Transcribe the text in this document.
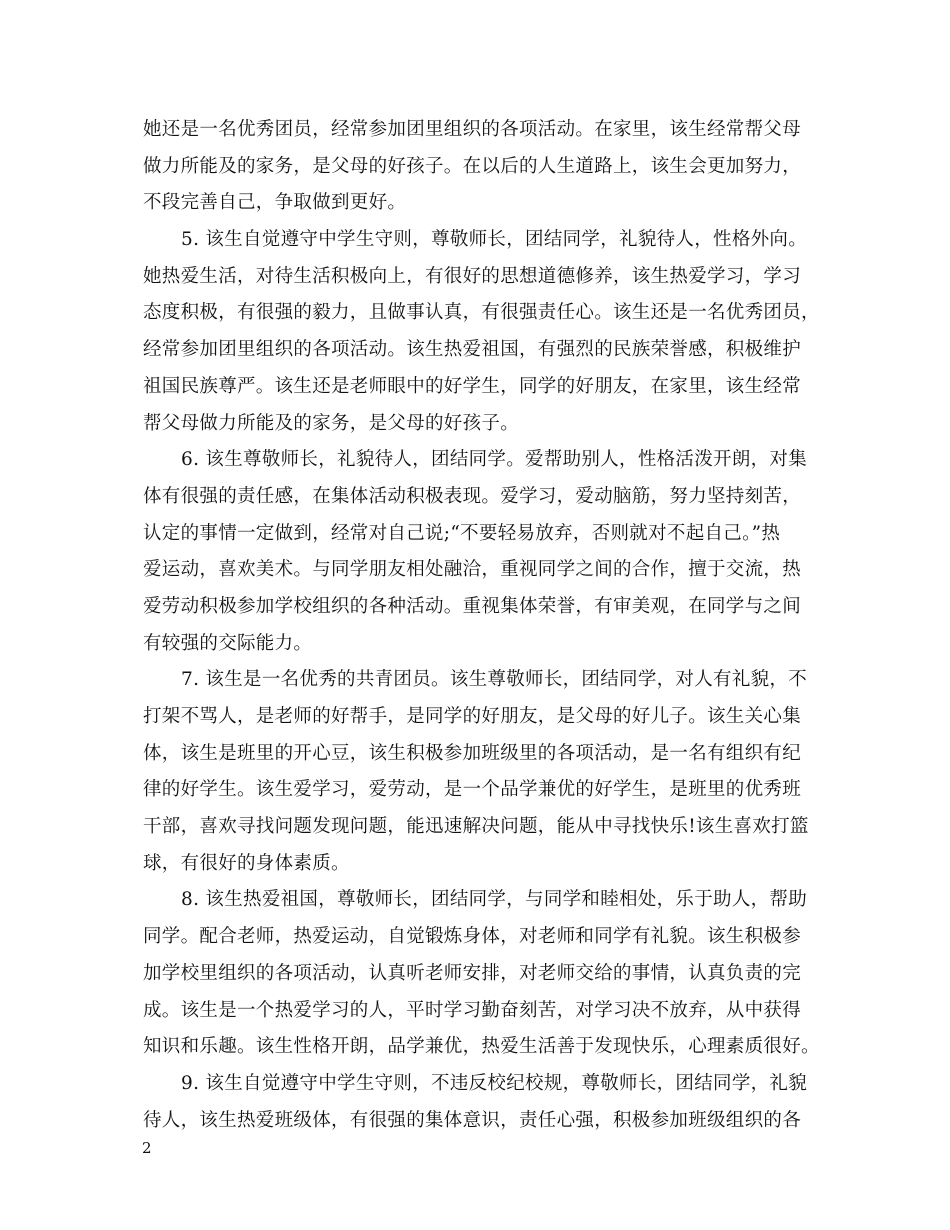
她还是一名优秀团员，经常参加团里组织的各项活动。在家里，该生经常帮父母
做力所能及的家务，是父母的好孩子。在以后的人生道路上，该生会更加努力，
不段完善自己，争取做到更好。
5. 该生自觉遵守中学生守则，尊敬师长，团结同学，礼貌待人，性格外向。
她热爱生活，对待生活积极向上，有很好的思想道德修养，该生热爱学习，学习
态度积极，有很强的毅力，且做事认真，有很强责任心。该生还是一名优秀团员，
经常参加团里组织的各项活动。该生热爱祖国，有强烈的民族荣誉感，积极维护
祖国民族尊严。该生还是老师眼中的好学生，同学的好朋友，在家里，该生经常
帮父母做力所能及的家务，是父母的好孩子。
6. 该生尊敬师长，礼貌待人，团结同学。爱帮助别人，性格活泼开朗，对集
体有很强的责任感，在集体活动积极表现。爱学习，爱动脑筋，努力坚持刻苦，
认定的事情一定做到，经常对自己说;“不要轻易放弃，否则就对不起自己。”热
爱运动，喜欢美术。与同学朋友相处融洽，重视同学之间的合作，擅于交流，热
爱劳动积极参加学校组织的各种活动。重视集体荣誉，有审美观，在同学与之间
有较强的交际能力。
7. 该生是一名优秀的共青团员。该生尊敬师长，团结同学，对人有礼貌，不
打架不骂人，是老师的好帮手，是同学的好朋友，是父母的好儿子。该生关心集
体，该生是班里的开心豆，该生积极参加班级里的各项活动，是一名有组织有纪
律的好学生。该生爱学习，爱劳动，是一个品学兼优的好学生，是班里的优秀班
干部，喜欢寻找问题发现问题，能迅速解决问题，能从中寻找快乐!该生喜欢打篮
球，有很好的身体素质。
8. 该生热爱祖国，尊敬师长，团结同学，与同学和睦相处，乐于助人，帮助
同学。配合老师，热爱运动，自觉锻炼身体，对老师和同学有礼貌。该生积极参
加学校里组织的各项活动，认真听老师安排，对老师交给的事情，认真负责的完
成。该生是一个热爱学习的人，平时学习勤奋刻苦，对学习决不放弃，从中获得
知识和乐趣。该生性格开朗，品学兼优，热爱生活善于发现快乐，心理素质很好。
9. 该生自觉遵守中学生守则，不违反校纪校规，尊敬师长，团结同学，礼貌
待人，该生热爱班级体，有很强的集体意识，责任心强，积极参加班级组织的各
2
